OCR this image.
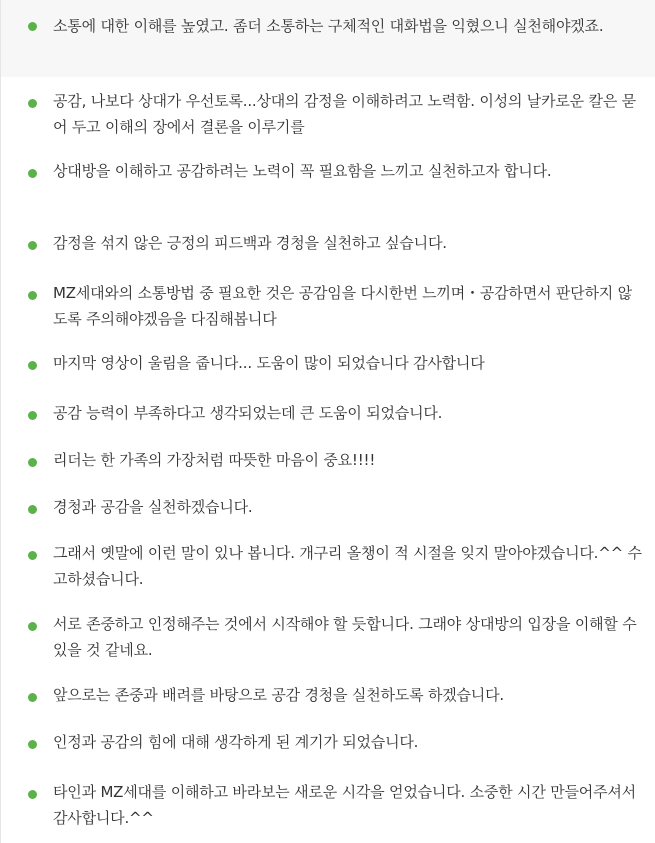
소통에 대한 이해를 높였고. 좀더 소통하는 구체적인 대화법을 익혔으니 실천해야겠죠.
공감, 나보다 상대가 우선토록...상대의 감정을 이해하려고 노력함. 이성의 날카로운 칼은 묻어 두고 이해의 장에서 결론을 이루기를
상대방을 이해하고 공감하려는 노력이 꼭 필요함을 느끼고 실천하고자 합니다.
감정을 섞지 않은 긍정의 피드백과 경청을 실천하고 싶습니다.
MZ세대와의 소통방법 중 필요한 것은 공감임을 다시한번 느끼며・공감하면서 판단하지 않도록 주의해야겠음을 다짐해봅니다
마지막 영상이 울림을 줍니다... 도움이 많이 되었습니다 감사합니다
공감 능력이 부족하다고 생각되었는데 큰 도움이 되었습니다.
리더는 한 가족의 가장처럼 따뜻한 마음이 중요!!!!
경청과 공감을 실천하겠습니다.
그래서 옛말에 이런 말이 있나 봅니다. 개구리 올챙이 적 시절을 잊지 말아야겠습니다.^^ 수고하셨습니다.
서로 존중하고 인정해주는 것에서 시작해야 할 듯합니다. 그래야 상대방의 입장을 이해할 수 있을 것 같네요.
앞으로는 존중과 배려를 바탕으로 공감 경청을 실천하도록 하겠습니다.
인정과 공감의 힘에 대해 생각하게 된 계기가 되었습니다.
타인과 MZ세대를 이해하고 바라보는 새로운 시각을 얻었습니다. 소중한 시간 만들어주셔서 감사합니다.^^
